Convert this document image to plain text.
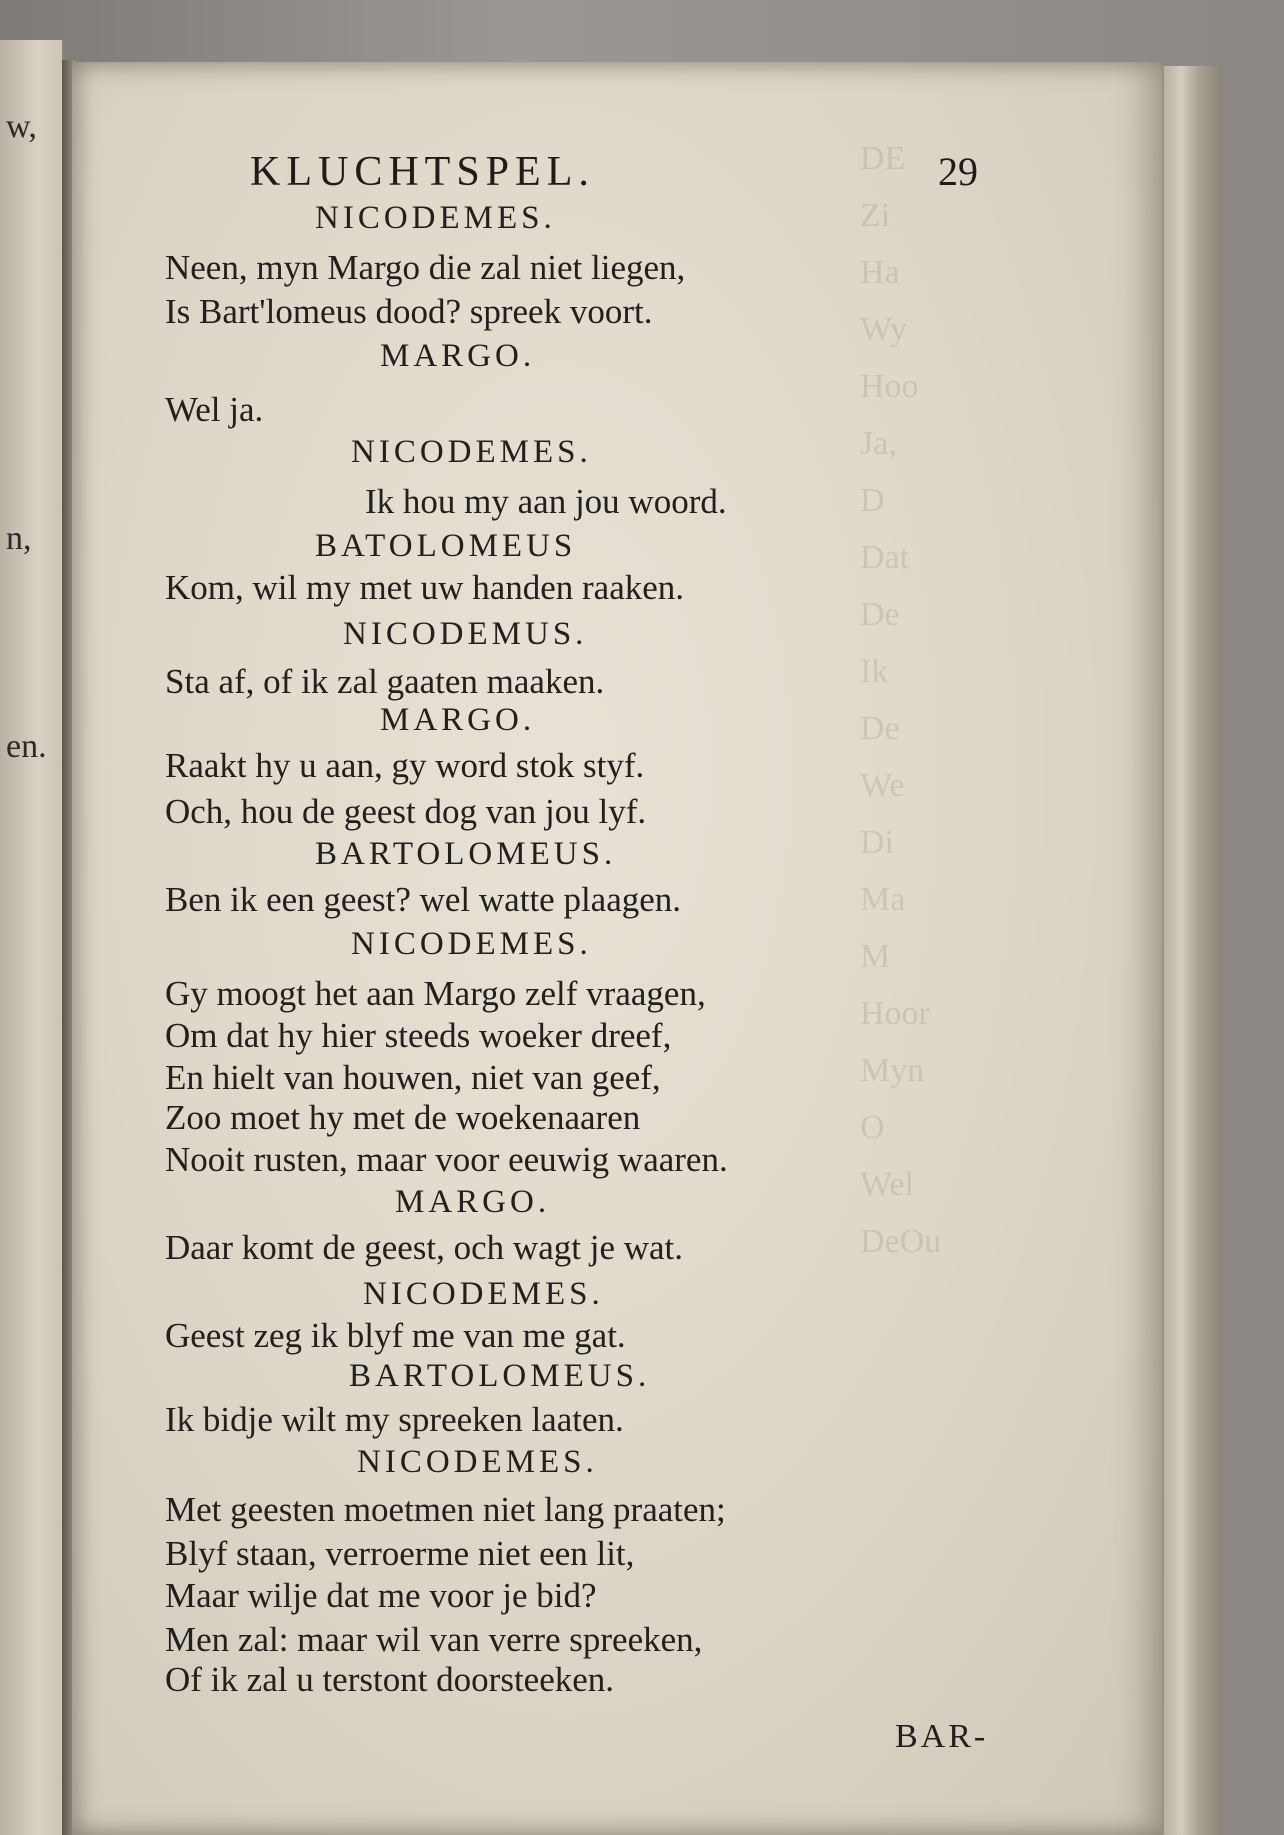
w,
n,
en.
DE
Zi
Ha
Wy
Hoo
Ja,
D
Dat
De
Ik
De
We
Di
Ma
M
Hoor
Myn
O
Wel
DeOu
KLUCHTSPEL.	29
NICODEMES.
Neen, myn Margo die zal niet liegen,
Is Bart'lomeus dood? spreek voort.
MARGO.
Wel ja.
NICODEMES.
Ik hou my aan jou woord.
BATOLOMEUS
Kom, wil my met uw handen raaken.
NICODEMUS.
Sta af, of ik zal gaaten maaken.
MARGO.
Raakt hy u aan, gy word stok styf.
Och, hou de geest dog van jou lyf.
BARTOLOMEUS.
Ben ik een geest? wel watte plaagen.
NICODEMES.
Gy moogt het aan Margo zelf vraagen,
Om dat hy hier steeds woeker dreef,
En hielt van houwen, niet van geef,
Zoo moet hy met de woekenaaren
Nooit rusten, maar voor eeuwig waaren.
MARGO.
Daar komt de geest, och wagt je wat.
NICODEMES.
Geest zeg ik blyf me van me gat.
BARTOLOMEUS.
Ik bidje wilt my spreeken laaten.
NICODEMES.
Met geesten moetmen niet lang praaten;
Blyf staan, verroerme niet een lit,
Maar wilje dat me voor je bid?
Men zal: maar wil van verre spreeken,
Of ik zal u terstont doorsteeken.
BAR-
